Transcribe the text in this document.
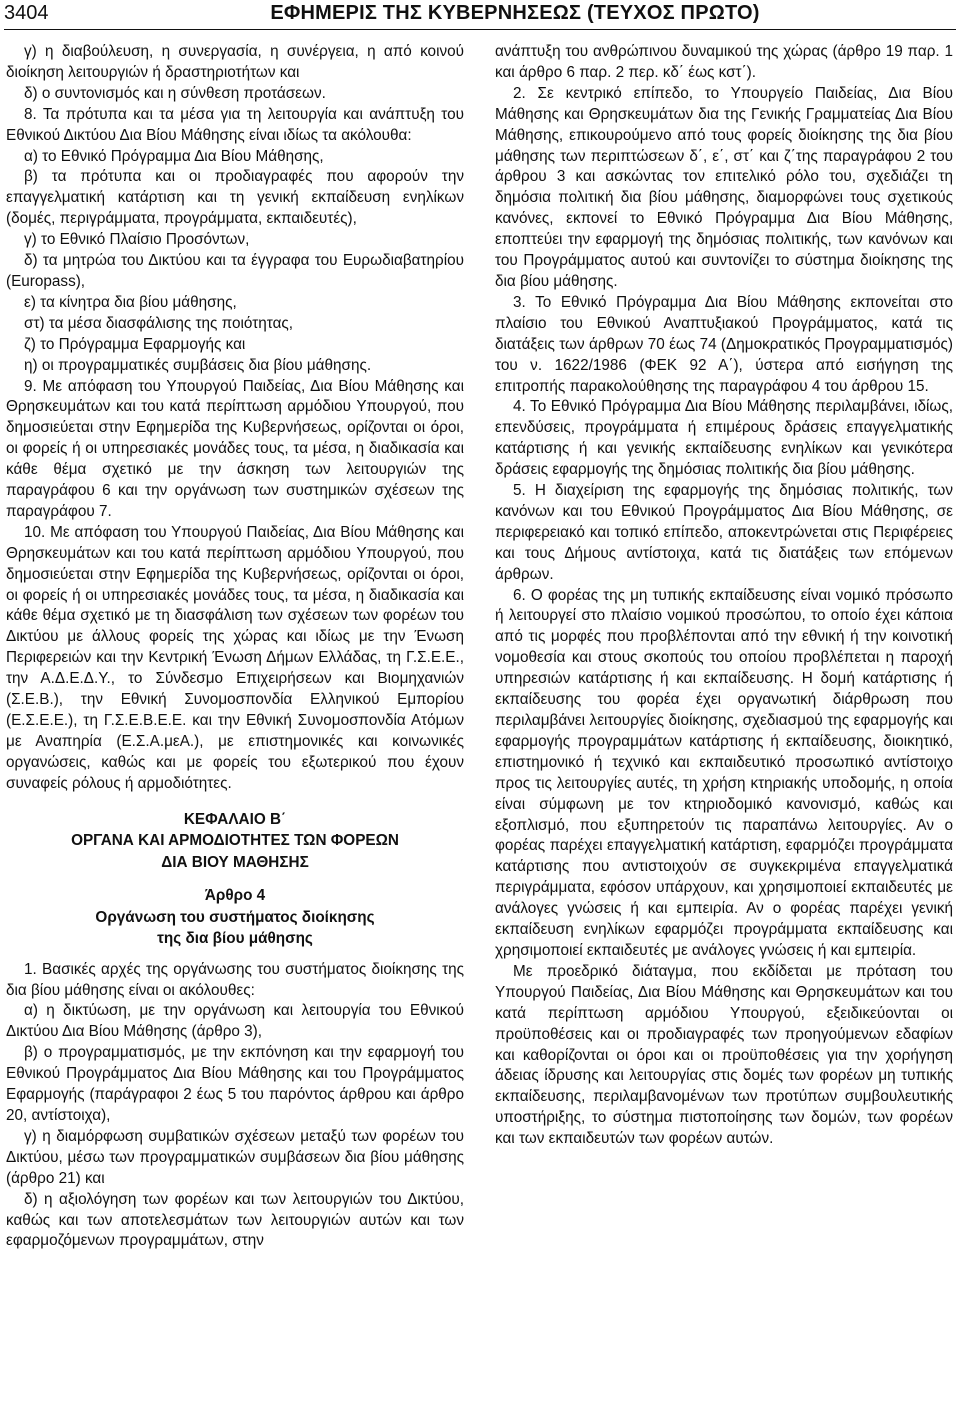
3404	ΕΦΗΜΕΡΙΣ ΤΗΣ ΚΥΒΕΡΝΗΣΕΩΣ (ΤΕΥΧΟΣ ΠΡΩΤΟ)

γ) η διαβούλευση, η συνεργασία, η συνέργεια, η από κοινού διοίκηση λειτουργιών ή δραστηριοτήτων και

δ) ο συντονισμός και η σύνθεση προτάσεων.

8. Τα πρότυπα και τα μέσα για τη λειτουργία και ανάπτυξη του Εθνικού Δικτύου Δια Βίου Μάθησης είναι ιδίως τα ακόλουθα:

α) το Εθνικό Πρόγραμμα Δια Βίου Μάθησης,

β) τα πρότυπα και οι προδιαγραφές που αφορούν την επαγγελματική κατάρτιση και τη γενική εκπαίδευση ενηλίκων (δομές, περιγράμματα, προγράμματα, εκπαιδευτές),

γ) το Εθνικό Πλαίσιο Προσόντων,

δ) τα μητρώα του Δικτύου και τα έγγραφα του Ευρωδιαβατηρίου (Europass),

ε) τα κίνητρα δια βίου μάθησης,

στ) τα μέσα διασφάλισης της ποιότητας,

ζ) το Πρόγραμμα Εφαρμογής και

η) οι προγραμματικές συμβάσεις δια βίου μάθησης.

9. Με απόφαση του Υπουργού Παιδείας, Δια Βίου Μάθησης και Θρησκευμάτων και του κατά περίπτωση αρμόδιου Υπουργού, που δημοσιεύεται στην Εφημερίδα της Κυβερνήσεως, ορίζονται οι όροι, οι φορείς ή οι υπηρεσιακές μονάδες τους, τα μέσα, η διαδικασία και κάθε θέμα σχετικό με την άσκηση των λειτουργιών της παραγράφου 6 και την οργάνωση των συστημικών σχέσεων της παραγράφου 7.

10. Με απόφαση του Υπουργού Παιδείας, Δια Βίου Μάθησης και Θρησκευμάτων και του κατά περίπτωση αρμόδιου Υπουργού, που δημοσιεύεται στην Εφημερίδα της Κυβερνήσεως, ορίζονται οι όροι, οι φορείς ή οι υπηρεσιακές μονάδες τους, τα μέσα, η διαδικασία και κάθε θέμα σχετικό με τη διασφάλιση των σχέσεων των φορέων του Δικτύου με άλλους φορείς της χώρας και ιδίως με την Ένωση Περιφερειών και την Κεντρική Ένωση Δήμων Ελλάδας, τη Γ.Σ.Ε.Ε., την Α.Δ.Ε.Δ.Υ., το Σύνδεσμο Επιχειρήσεων και Βιομηχανιών (Σ.Ε.Β.), την Εθνική Συνομοσπονδία Ελληνικού Εμπορίου (Ε.Σ.Ε.Ε.), τη Γ.Σ.Ε.Β.Ε.Ε. και την Εθνική Συνομοσπονδία Ατόμων με Αναπηρία (Ε.Σ.Α.μεΑ.), με επιστημονικές και κοινωνικές οργανώσεις, καθώς και με φορείς του εξωτερικού που έχουν συναφείς ρόλους ή αρμοδιότητες.

ΚΕΦΑΛΑΙΟ Β΄
ΟΡΓΑΝΑ ΚΑΙ ΑΡΜΟΔΙΟΤΗΤΕΣ ΤΩΝ ΦΟΡΕΩΝ
ΔΙΑ ΒΙΟΥ ΜΑΘΗΣΗΣ
Άρθρο 4
Οργάνωση του συστήματος διοίκησης
της δια βίου μάθησης

1. Βασικές αρχές της οργάνωσης του συστήματος διοίκησης της δια βίου μάθησης είναι οι ακόλουθες:

α) η δικτύωση, με την οργάνωση και λειτουργία του Εθνικού Δικτύου Δια Βίου Μάθησης (άρθρο 3),

β) ο προγραμματισμός, με την εκπόνηση και την εφαρμογή του Εθνικού Προγράμματος Δια Βίου Μάθησης και του Προγράμματος Εφαρμογής (παράγραφοι 2 έως 5 του παρόντος άρθρου και άρθρο 20, αντίστοιχα),

γ) η διαμόρφωση συμβατικών σχέσεων μεταξύ των φορέων του Δικτύου, μέσω των προγραμματικών συμβάσεων δια βίου μάθησης (άρθρο 21) και

δ) η αξιολόγηση των φορέων και των λειτουργιών του Δικτύου, καθώς και των αποτελεσμάτων των λειτουργιών αυτών και των εφαρμοζόμενων προγραμμάτων, στην

ανάπτυξη του ανθρώπινου δυναμικού της χώρας (άρθρο 19 παρ. 1 και άρθρο 6 παρ. 2 περ. κδ΄ έως κστ΄).

2. Σε κεντρικό επίπεδο, το Υπουργείο Παιδείας, Δια Βίου Μάθησης και Θρησκευμάτων δια της Γενικής Γραμματείας Δια Βίου Μάθησης, επικουρούμενο από τους φορείς διοίκησης της δια βίου μάθησης των περιπτώσεων δ΄, ε΄, στ΄ και ζ΄της παραγράφου 2 του άρθρου 3 και ασκώντας τον επιτελικό ρόλο του, σχεδιάζει τη δημόσια πολιτική δια βίου μάθησης, διαμορφώνει τους σχετικούς κανόνες, εκπονεί το Εθνικό Πρόγραμμα Δια Βίου Μάθησης, εποπτεύει την εφαρμογή της δημόσιας πολιτικής, των κανόνων και του Προγράμματος αυτού και συντονίζει το σύστημα διοίκησης της δια βίου μάθησης.

3. Το Εθνικό Πρόγραμμα Δια Βίου Μάθησης εκπονείται στο πλαίσιο του Εθνικού Αναπτυξιακού Προγράμματος, κατά τις διατάξεις των άρθρων 70 έως 74 (Δημοκρατικός Προγραμματισμός) του ν. 1622/1986 (ΦΕΚ 92 Α΄), ύστερα από εισήγηση της επιτροπής παρακολούθησης της παραγράφου 4 του άρθρου 15.

4. Το Εθνικό Πρόγραμμα Δια Βίου Μάθησης περιλαμβάνει, ιδίως, επενδύσεις, προγράμματα ή επιμέρους δράσεις επαγγελματικής κατάρτισης ή και γενικής εκπαίδευσης ενηλίκων και γενικότερα δράσεις εφαρμογής της δημόσιας πολιτικής δια βίου μάθησης.

5. Η διαχείριση της εφαρμογής της δημόσιας πολιτικής, των κανόνων και του Εθνικού Προγράμματος Δια Βίου Μάθησης, σε περιφερειακό και τοπικό επίπεδο, αποκεντρώνεται στις Περιφέρειες και τους Δήμους αντίστοιχα, κατά τις διατάξεις των επόμενων άρθρων.

6. Ο φορέας της μη τυπικής εκπαίδευσης είναι νομικό πρόσωπο ή λειτουργεί στο πλαίσιο νομικού προσώπου, το οποίο έχει κάποια από τις μορφές που προβλέπονται από την εθνική ή την κοινοτική νομοθεσία και στους σκοπούς του οποίου προβλέπεται η παροχή υπηρεσιών κατάρτισης ή και εκπαίδευσης. Η δομή κατάρτισης ή εκπαίδευσης του φορέα έχει οργανωτική διάρθρωση που περιλαμβάνει λειτουργίες διοίκησης, σχεδιασμού της εφαρμογής και εφαρμογής προγραμμάτων κατάρτισης ή εκπαίδευσης, διοικητικό, επιστημονικό ή τεχνικό και εκπαιδευτικό προσωπικό αντίστοιχο προς τις λειτουργίες αυτές, τη χρήση κτηριακής υποδομής, η οποία είναι σύμφωνη με τον κτηριοδομικό κανονισμό, καθώς και εξοπλισμό, που εξυπηρετούν τις παραπάνω λειτουργίες. Αν ο φορέας παρέχει επαγγελματική κατάρτιση, εφαρμόζει προγράμματα κατάρτισης που αντιστοιχούν σε συγκεκριμένα επαγγελματικά περιγράμματα, εφόσον υπάρχουν, και χρησιμοποιεί εκπαιδευτές με ανάλογες γνώσεις ή και εμπειρία. Αν ο φορέας παρέχει γενική εκπαίδευση ενηλίκων εφαρμόζει προγράμματα εκπαίδευσης και χρησιμοποιεί εκπαιδευτές με ανάλογες γνώσεις ή και εμπειρία.

Με προεδρικό διάταγμα, που εκδίδεται με πρόταση του Υπουργού Παιδείας, Δια Βίου Μάθησης και Θρησκευμάτων και του κατά περίπτωση αρμόδιου Υπουργού, εξειδικεύονται οι προϋποθέσεις και οι προδιαγραφές των προηγούμενων εδαφίων και καθορίζονται οι όροι και οι προϋποθέσεις για την χορήγηση άδειας ίδρυσης και λειτουργίας στις δομές των φορέων μη τυπικής εκπαίδευσης, περιλαμβανομένων των προτύπων συμβουλευτικής υποστήριξης, το σύστημα πιστοποίησης των δομών, των φορέων και των εκπαιδευτών των φορέων αυτών.
